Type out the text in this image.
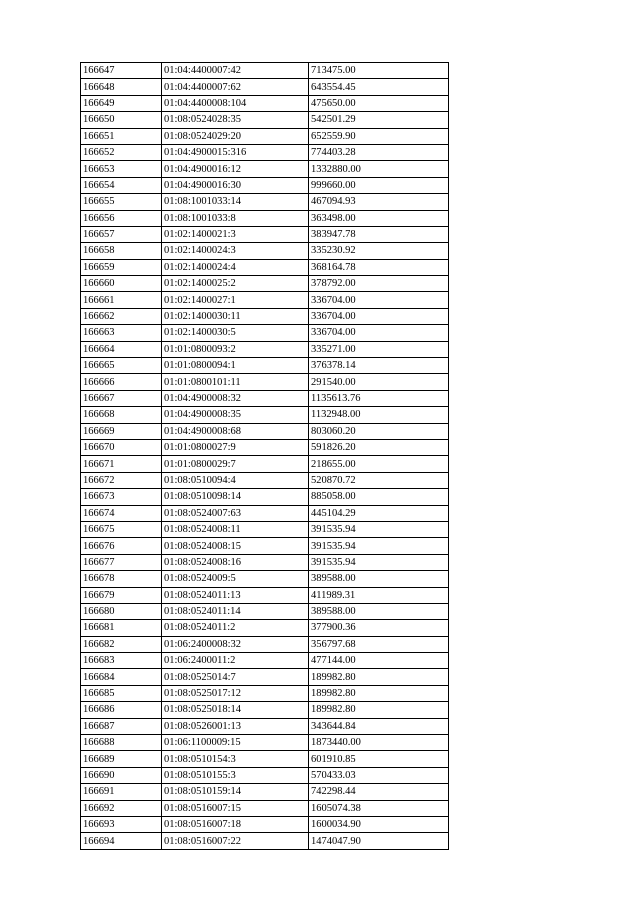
166647	01:04:4400007:42	713475.00
166648	01:04:4400007:62	643554.45
166649	01:04:4400008:104	475650.00
166650	01:08:0524028:35	542501.29
166651	01:08:0524029:20	652559.90
166652	01:04:4900015:316	774403.28
166653	01:04:4900016:12	1332880.00
166654	01:04:4900016:30	999660.00
166655	01:08:1001033:14	467094.93
166656	01:08:1001033:8	363498.00
166657	01:02:1400021:3	383947.78
166658	01:02:1400024:3	335230.92
166659	01:02:1400024:4	368164.78
166660	01:02:1400025:2	378792.00
166661	01:02:1400027:1	336704.00
166662	01:02:1400030:11	336704.00
166663	01:02:1400030:5	336704.00
166664	01:01:0800093:2	335271.00
166665	01:01:0800094:1	376378.14
166666	01:01:0800101:11	291540.00
166667	01:04:4900008:32	1135613.76
166668	01:04:4900008:35	1132948.00
166669	01:04:4900008:68	803060.20
166670	01:01:0800027:9	591826.20
166671	01:01:0800029:7	218655.00
166672	01:08:0510094:4	520870.72
166673	01:08:0510098:14	885058.00
166674	01:08:0524007:63	445104.29
166675	01:08:0524008:11	391535.94
166676	01:08:0524008:15	391535.94
166677	01:08:0524008:16	391535.94
166678	01:08:0524009:5	389588.00
166679	01:08:0524011:13	411989.31
166680	01:08:0524011:14	389588.00
166681	01:08:0524011:2	377900.36
166682	01:06:2400008:32	356797.68
166683	01:06:2400011:2	477144.00
166684	01:08:0525014:7	189982.80
166685	01:08:0525017:12	189982.80
166686	01:08:0525018:14	189982.80
166687	01:08:0526001:13	343644.84
166688	01:06:1100009:15	1873440.00
166689	01:08:0510154:3	601910.85
166690	01:08:0510155:3	570433.03
166691	01:08:0510159:14	742298.44
166692	01:08:0516007:15	1605074.38
166693	01:08:0516007:18	1600034.90
166694	01:08:0516007:22	1474047.90
